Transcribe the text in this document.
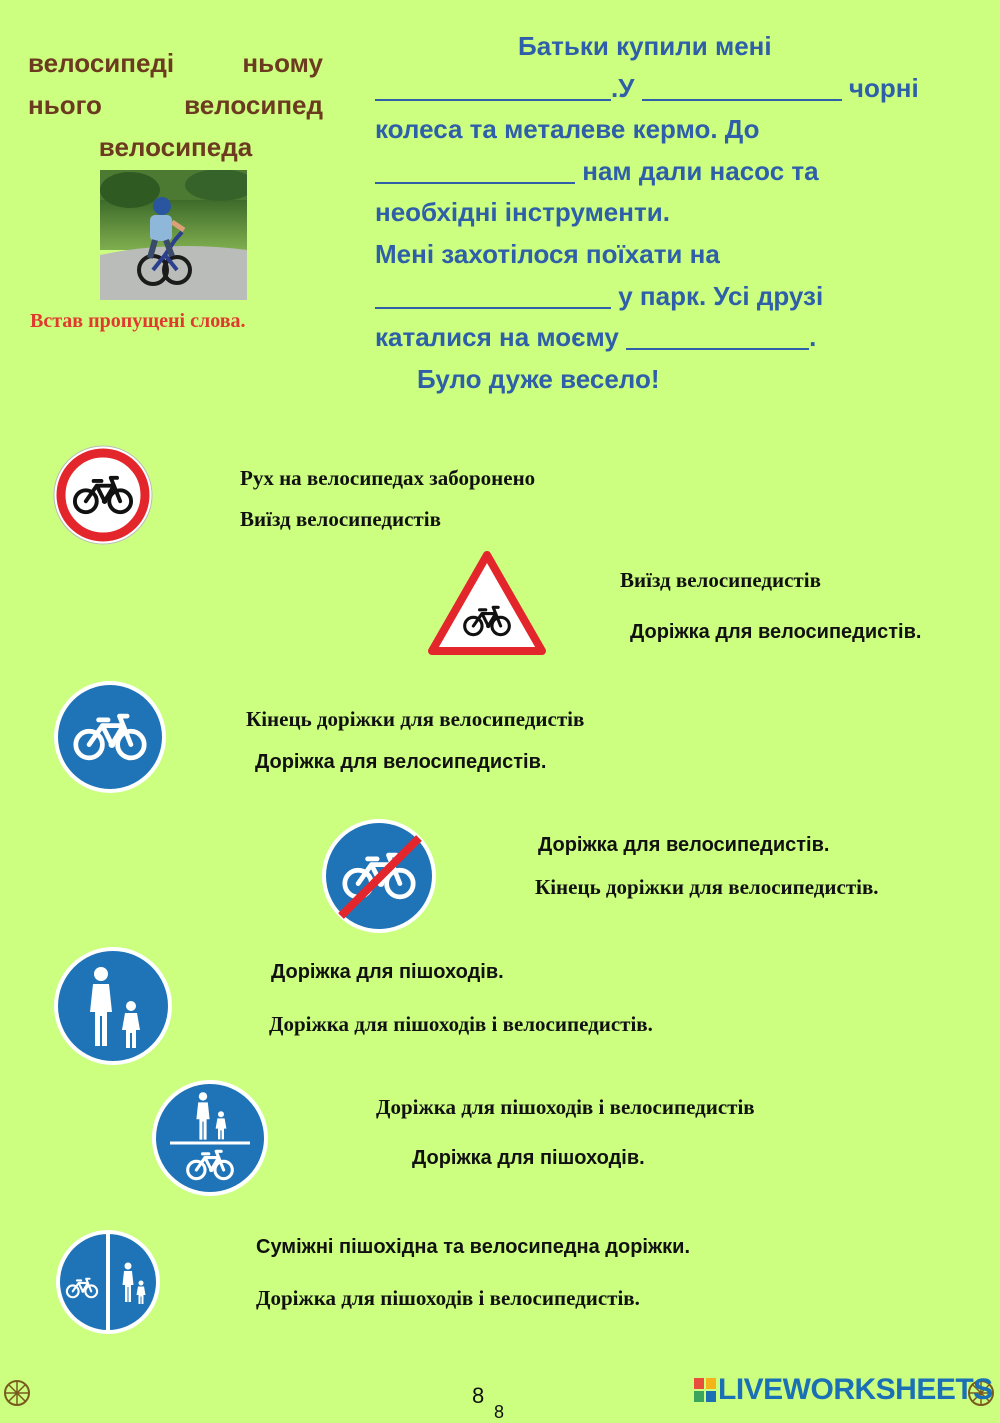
велосипеді ньому
нього велосипед
велосипеда
Встав пропущені слова.
Батьки купили мені
.У	чорні
колеса та металеве кермо. До
нам дали насос та
необхідні інструменти.
Мені захотілося поїхати на
у парк. Усі друзі
каталися на моєму	.
Було дуже весело!
Рух на велосипедах заборонено
Виїзд велосипедистів
Виїзд велосипедистів
Доріжка для велосипедистів.
Кінець доріжки для велосипедистів
Доріжка для велосипедистів.
Доріжка для велосипедистів.
Кінець доріжки для велосипедистів.
Доріжка для пішоходів.
Доріжка для пішоходів і велосипедистів.
Доріжка для пішоходів і велосипедистів
Доріжка для пішоходів.
Суміжні пішохідна та велосипедна доріжки.
Доріжка для пішоходів і велосипедистів.
8
8
LIVEWORKSHEETS
